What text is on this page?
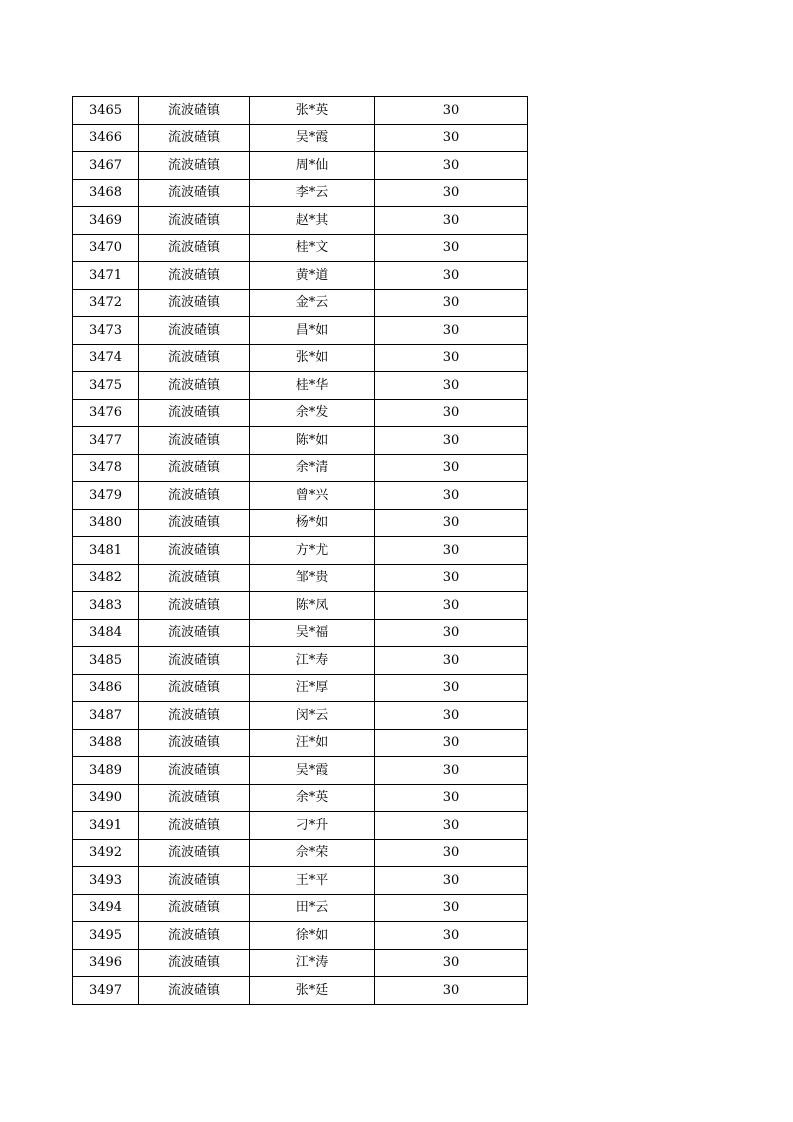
3465	流波碴镇	张*英	30
3466	流波碴镇	吴*霞	30
3467	流波碴镇	周*仙	30
3468	流波碴镇	李*云	30
3469	流波碴镇	赵*其	30
3470	流波碴镇	桂*文	30
3471	流波碴镇	黄*道	30
3472	流波碴镇	金*云	30
3473	流波碴镇	昌*如	30
3474	流波碴镇	张*如	30
3475	流波碴镇	桂*华	30
3476	流波碴镇	余*发	30
3477	流波碴镇	陈*如	30
3478	流波碴镇	余*清	30
3479	流波碴镇	曾*兴	30
3480	流波碴镇	杨*如	30
3481	流波碴镇	方*尤	30
3482	流波碴镇	邹*贵	30
3483	流波碴镇	陈*凤	30
3484	流波碴镇	吴*福	30
3485	流波碴镇	江*寿	30
3486	流波碴镇	汪*厚	30
3487	流波碴镇	闵*云	30
3488	流波碴镇	汪*如	30
3489	流波碴镇	吴*霞	30
3490	流波碴镇	余*英	30
3491	流波碴镇	刁*升	30
3492	流波碴镇	佘*荣	30
3493	流波碴镇	王*平	30
3494	流波碴镇	田*云	30
3495	流波碴镇	徐*如	30
3496	流波碴镇	江*涛	30
3497	流波碴镇	张*廷	30
